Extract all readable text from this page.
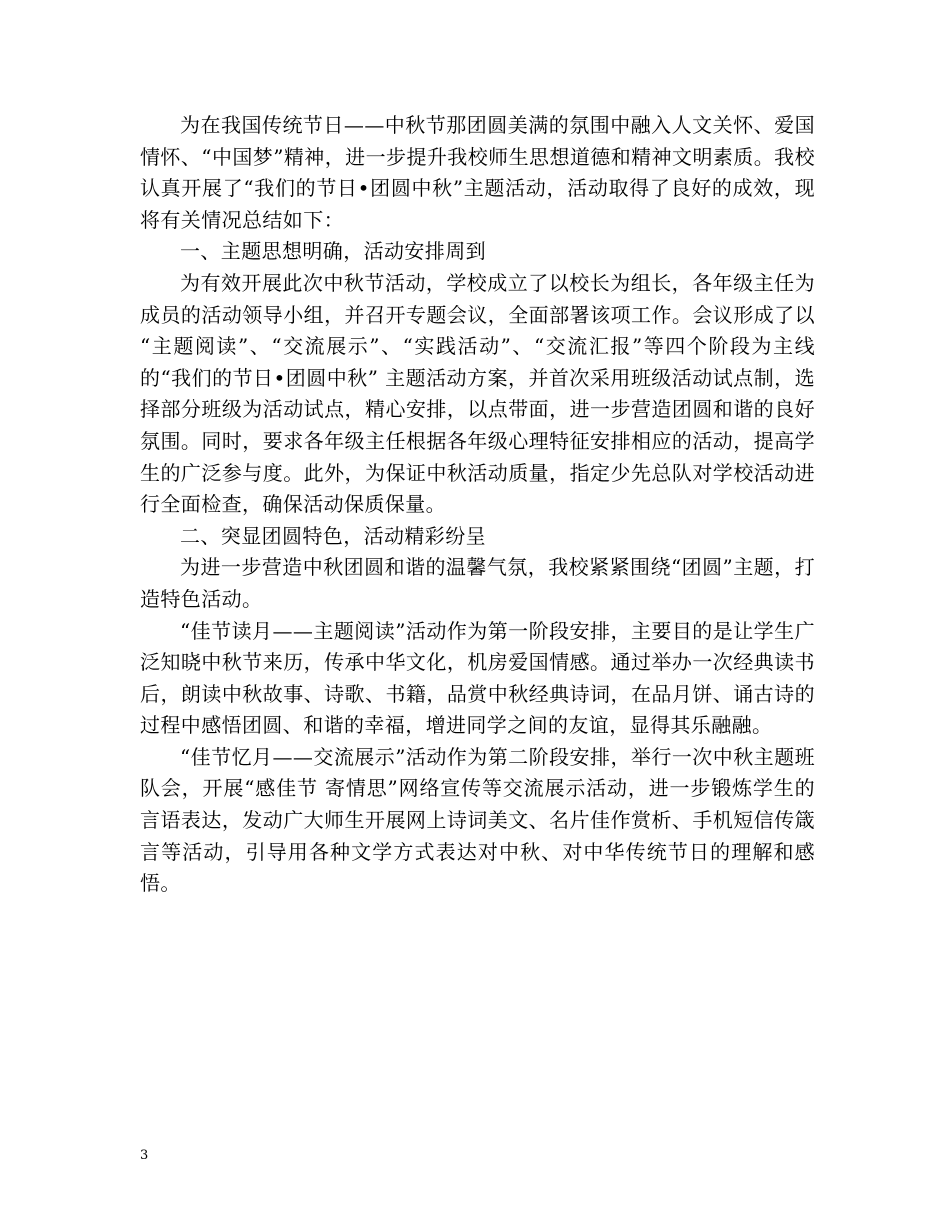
为在我国传统节日——中秋节那团圆美满的氛围中融入人文关怀、爱国情怀、“中国梦”精神，进一步提升我校师生思想道德和精神文明素质。我校认真开展了“我们的节日•团圆中秋”主题活动，活动取得了良好的成效，现将有关情况总结如下：

一、主题思想明确，活动安排周到

为有效开展此次中秋节活动，学校成立了以校长为组长，各年级主任为成员的活动领导小组，并召开专题会议，全面部署该项工作。会议形成了以 “主题阅读”、“交流展示”、“实践活动”、“交流汇报”等四个阶段为主线的“我们的节日•团圆中秋” 主题活动方案，并首次采用班级活动试点制，选择部分班级为活动试点，精心安排，以点带面，进一步营造团圆和谐的良好氛围。同时，要求各年级主任根据各年级心理特征安排相应的活动，提高学生的广泛参与度。此外，为保证中秋活动质量，指定少先总队对学校活动进行全面检查，确保活动保质保量。

二、突显团圆特色，活动精彩纷呈

为进一步营造中秋团圆和谐的温馨气氛，我校紧紧围绕“团圆”主题，打造特色活动。

“佳节读月——主题阅读”活动作为第一阶段安排，主要目的是让学生广泛知晓中秋节来历，传承中华文化，机房爱国情感。通过举办一次经典读书后，朗读中秋故事、诗歌、书籍，品赏中秋经典诗词，在品月饼、诵古诗的过程中感悟团圆、和谐的幸福，增进同学之间的友谊，显得其乐融融。

“佳节忆月——交流展示”活动作为第二阶段安排，举行一次中秋主题班队会，开展“感佳节 寄情思”网络宣传等交流展示活动，进一步锻炼学生的言语表达，发动广大师生开展网上诗词美文、名片佳作赏析、手机短信传箴言等活动，引导用各种文学方式表达对中秋、对中华传统节日的理解和感悟。

3
